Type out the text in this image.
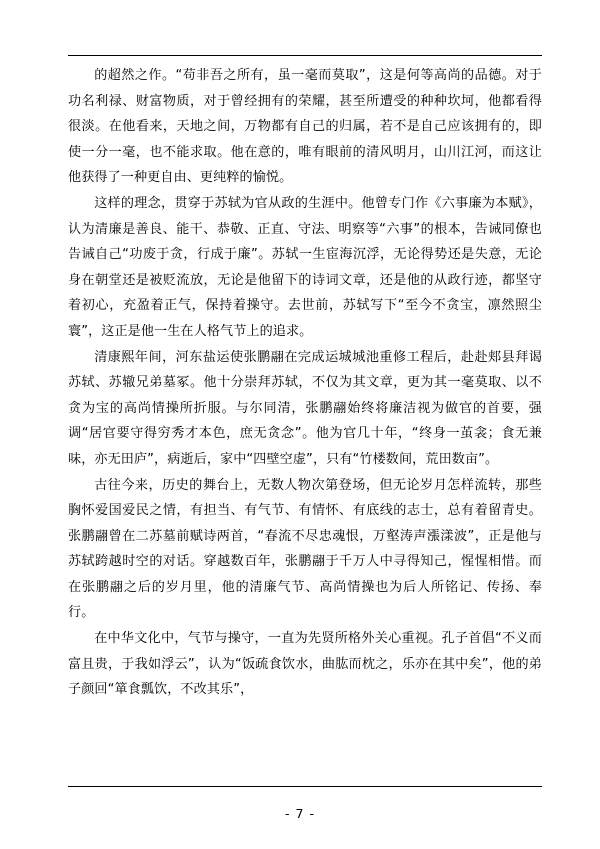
的超然之作。“苟非吾之所有，虽一毫而莫取”，这是何等高尚的品德。对于功名利禄、财富物质，对于曾经拥有的荣耀，甚至所遭受的种种坎坷，他都看得很淡。在他看来，天地之间，万物都有自己的归属，若不是自己应该拥有的，即使一分一毫，也不能求取。他在意的，唯有眼前的清风明月，山川江河，而这让他获得了一种更自由、更纯粹的愉悦。

这样的理念，贯穿于苏轼为官从政的生涯中。他曾专门作《六事廉为本赋》，认为清廉是善良、能干、恭敬、正直、守法、明察等“六事”的根本，告诫同僚也告诫自己“功废于贪，行成于廉”。苏轼一生宦海沉浮，无论得势还是失意，无论身在朝堂还是被贬流放，无论是他留下的诗词文章，还是他的从政行迹，都坚守着初心，充盈着正气，保持着操守。去世前，苏轼写下“至今不贪宝，凛然照尘寰”，这正是他一生在人格气节上的追求。

清康熙年间，河东盐运使张鹏翮在完成运城城池重修工程后，赴赴郏县拜谒苏轼、苏辙兄弟墓冢。他十分崇拜苏轼，不仅为其文章，更为其一毫莫取、以不贪为宝的高尚情操所折服。与尔同清，张鹏翮始终将廉洁视为做官的首要，强调“居官要守得穷秀才本色，庶无贪念”。他为官几十年，“终身一茧衾；食无兼味，亦无田庐”，病逝后，家中“四壁空虚”，只有“竹楼数间，荒田数亩”。

古往今来，历史的舞台上，无数人物次第登场，但无论岁月怎样流转，那些胸怀爱国爱民之情，有担当、有气节、有情怀、有底线的志士，总有着留青史。张鹏翮曾在二苏墓前赋诗两首，“春流不尽忠魂恨，万壑涛声漲漾波”，正是他与苏轼跨越时空的对话。穿越数百年，张鹏翮于千万人中寻得知己，惺惺相惜。而在张鹏翮之后的岁月里，他的清廉气节、高尚情操也为后人所铭记、传扬、奉行。

在中华文化中，气节与操守，一直为先贤所格外关心重视。孔子首倡“不义而富且贵，于我如浮云”，认为“饭疏食饮水，曲肱而枕之，乐亦在其中矣”，他的弟子颜回“箪食瓢饮，不改其乐”，

- 7 -
